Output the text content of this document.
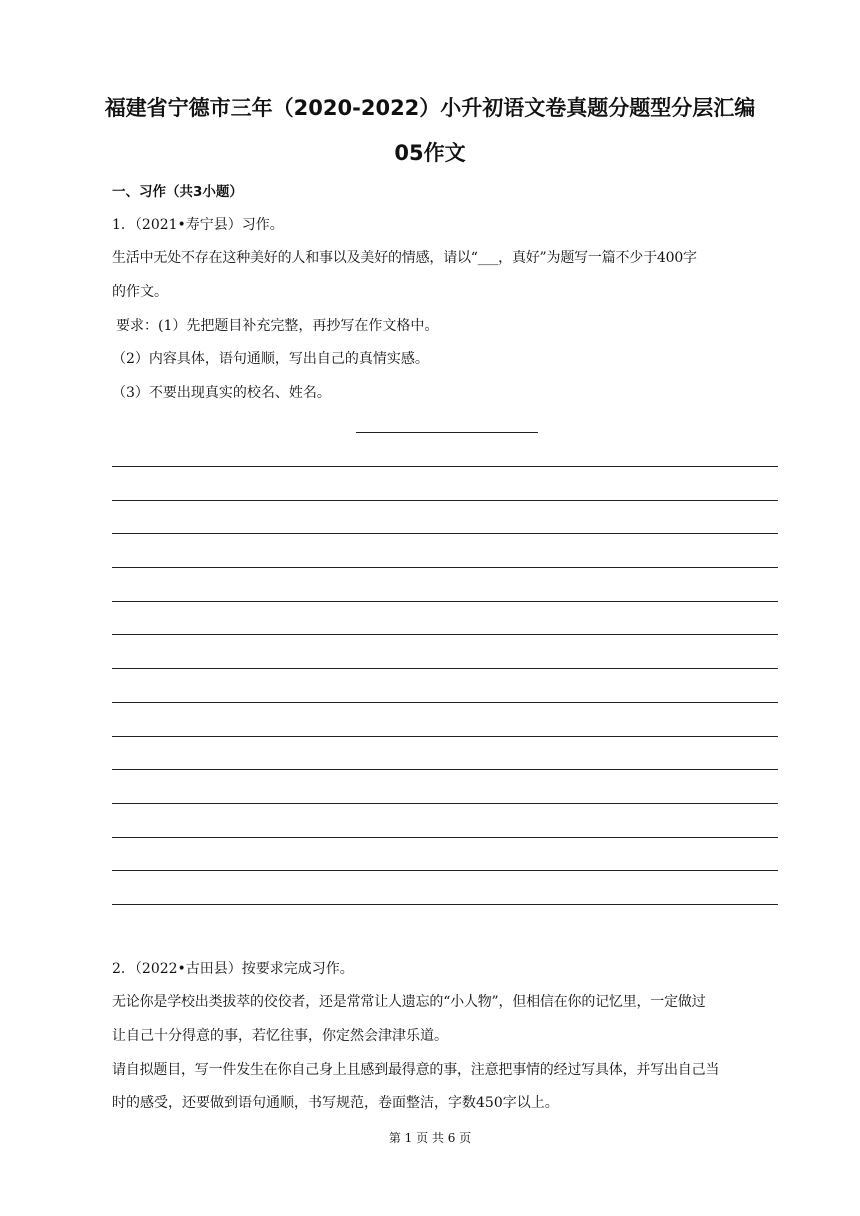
福建省宁德市三年（2020-2022）小升初语文卷真题分题型分层汇编
05作文

一、习作（共3小题）

1．（2021•寿宁县）习作。

生活中无处不存在这种美好的人和事以及美好的情感，请以“___，真好”为题写一篇不少于400字

的作文。

要求：(1）先把题目补充完整，再抄写在作文格中。

（2）内容具体，语句通顺，写出自己的真情实感。

（3）不要出现真实的校名、姓名。

2．（2022•古田县）按要求完成习作。

无论你是学校出类拔萃的佼佼者，还是常常让人遗忘的“小人物”，但相信在你的记忆里，一定做过

让自己十分得意的事，若忆往事，你定然会津津乐道。

请自拟题目，写一件发生在你自己身上且感到最得意的事，注意把事情的经过写具体，并写出自己当

时的感受，还要做到语句通顺，书写规范，卷面整洁，字数450字以上。

第 1 页 共 6 页
